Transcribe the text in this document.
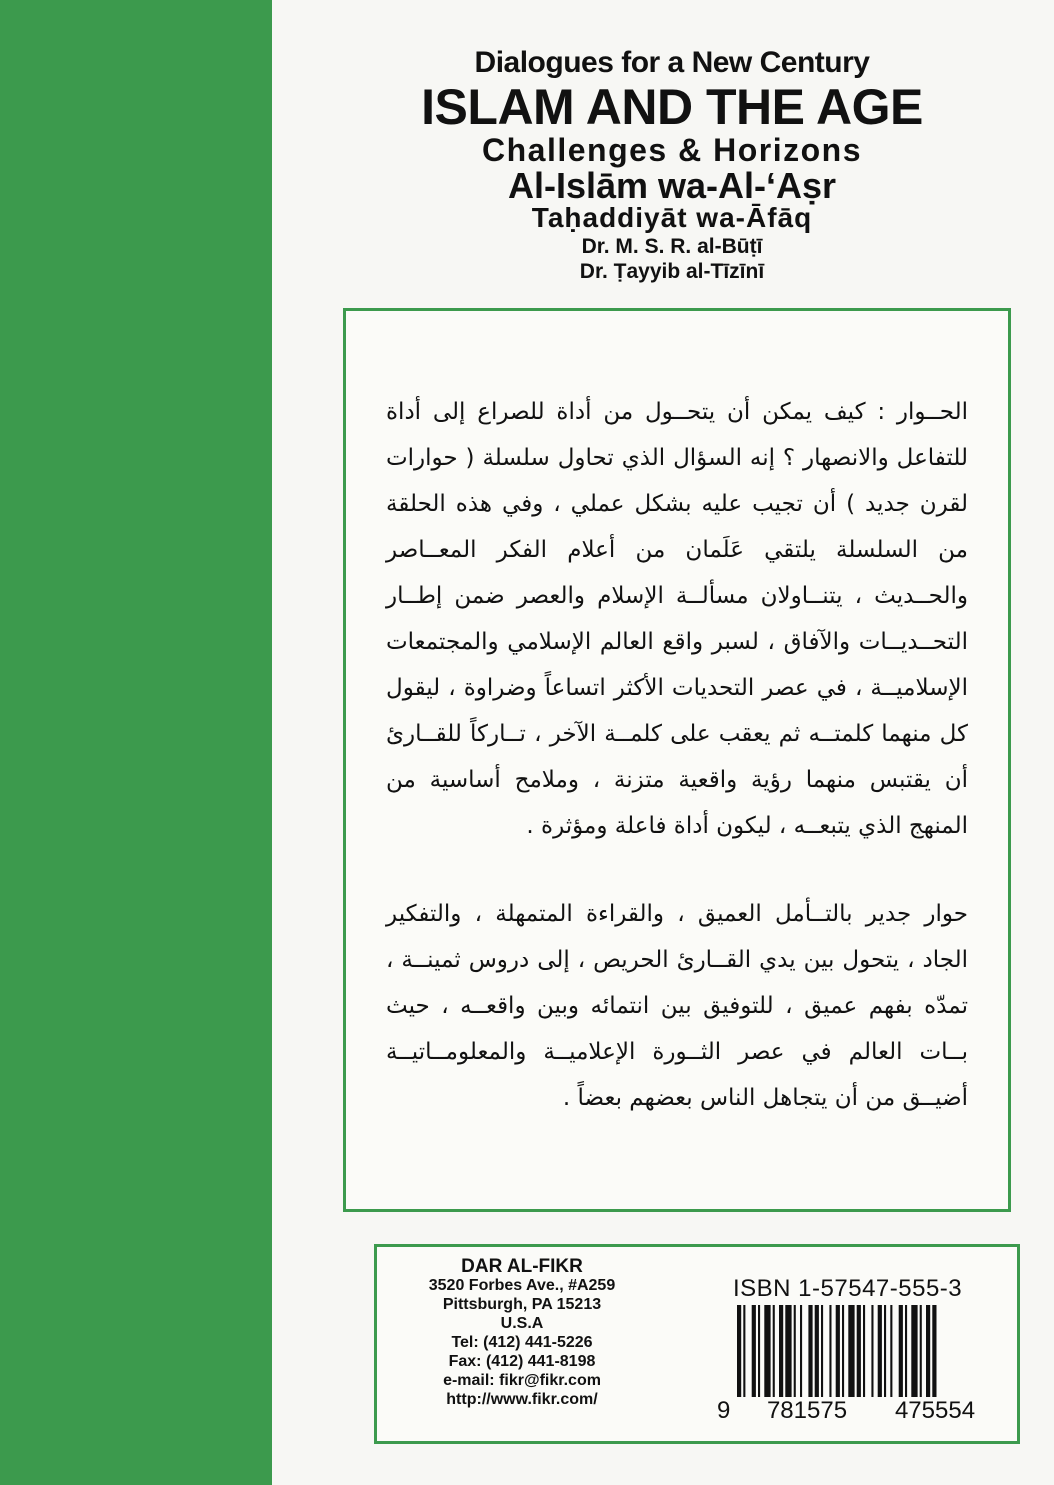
Dialogues for a New Century
ISLAM AND THE AGE
Challenges & Horizons
Al-Islām wa-Al-‘Aṣr
Taḥaddiyāt wa-Āfāq
Dr. M. S. R. al-Būṭī
Dr. Ṭayyib al-Tīzīnī

الحــوار : كيف يمكن أن يتحــول من أداة للصراع إلى أداة للتفاعل والانصهار ؟ إنه السؤال الذي تحاول سلسلة ( حوارات لقرن جديد ) أن تجيب عليه بشكل عملي ، وفي هذه الحلقة من السلسلة يلتقي عَلَمان من أعلام الفكر المعــاصر والحــديث ، يتنــاولان مسألــة الإسلام والعصر ضمن إطــار التحــديــات والآفاق ، لسبر واقع العالم الإسلامي والمجتمعات الإسلاميــة ، في عصر التحديات الأكثر اتساعاً وضراوة ، ليقول كل منهما كلمتــه ثم يعقب على كلمــة الآخر ، تــاركاً للقــارئ أن يقتبس منهما رؤية واقعية متزنة ، وملامح أساسية من المنهج الذي يتبعــه ، ليكون أداة فاعلة ومؤثرة .

حوار جدير بالتــأمل العميق ، والقراءة المتمهلة ، والتفكير الجاد ، يتحول بين يدي القــارئ الحريص ، إلى دروس ثمينــة ، تمدّه بفهم عميق ، للتوفيق بين انتمائه وبين واقعــه ، حيث بــات العالم في عصر الثــورة الإعلاميــة والمعلومــاتيــة أضيــق من أن يتجاهل الناس بعضهم بعضاً .

DAR AL-FIKR
3520 Forbes Ave., #A259
Pittsburgh, PA 15213
U.S.A
Tel: (412) 441-5226
Fax: (412) 441-8198
e-mail: fikr@fikr.com
http://www.fikr.com/
ISBN 1-57547-555-3
9 781575 475554
